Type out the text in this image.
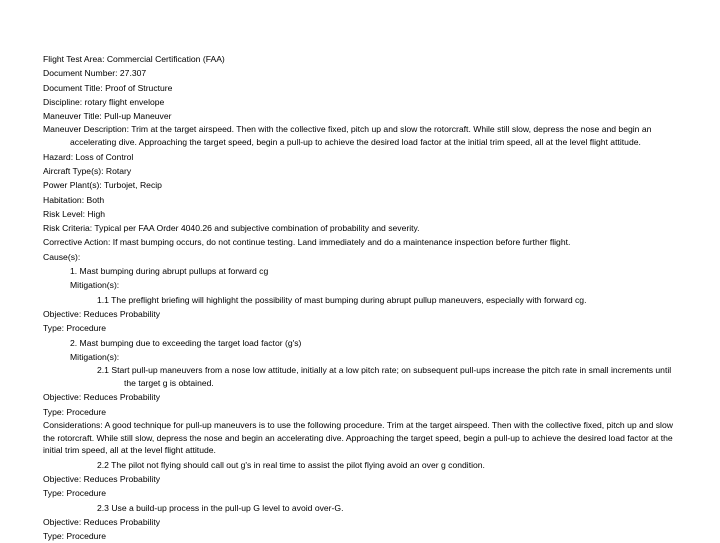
Flight Test Area: Commercial Certification (FAA)
Document Number: 27.307
Document Title: Proof of Structure
Discipline: rotary flight envelope
Maneuver Title: Pull-up Maneuver
Maneuver Description: Trim at the target airspeed. Then with the collective fixed, pitch up and slow the rotorcraft. While still slow, depress the nose and begin an accelerating dive. Approaching the target speed, begin a pull-up to achieve the desired load factor at the initial trim speed, all at the level flight attitude.
Hazard: Loss of Control
Aircraft Type(s): Rotary
Power Plant(s): Turbojet, Recip
Habitation: Both
Risk Level: High
Risk Criteria: Typical per FAA Order 4040.26 and subjective combination of probability and severity.
Corrective Action: If mast bumping occurs, do not continue testing. Land immediately and do a maintenance inspection before further flight.
Cause(s):
1. Mast bumping during abrupt pullups at forward cg
Mitigation(s):
1.1 The preflight briefing will highlight the possibility of mast bumping during abrupt pullup maneuvers, especially with forward cg.
Objective: Reduces Probability
Type: Procedure
2. Mast bumping due to exceeding the target load factor (g's)
Mitigation(s):
2.1 Start pull-up maneuvers from a nose low attitude, initially at a low pitch rate; on subsequent pull-ups increase the pitch rate in small increments until the target g is obtained.
Objective: Reduces Probability
Type: Procedure
Considerations: A good technique for pull-up maneuvers is to use the following procedure. Trim at the target airspeed. Then with the collective fixed, pitch up and slow the rotorcraft. While still slow, depress the nose and begin an accelerating dive. Approaching the target speed, begin a pull-up to achieve the desired load factor at the initial trim speed, all at the level flight attitude.
2.2 The pilot not flying should call out g's in real time to assist the pilot flying avoid an over g condition.
Objective: Reduces Probability
Type: Procedure
2.3 Use a build-up process in the pull-up G level to avoid over-G.
Objective: Reduces Probability
Type: Procedure
